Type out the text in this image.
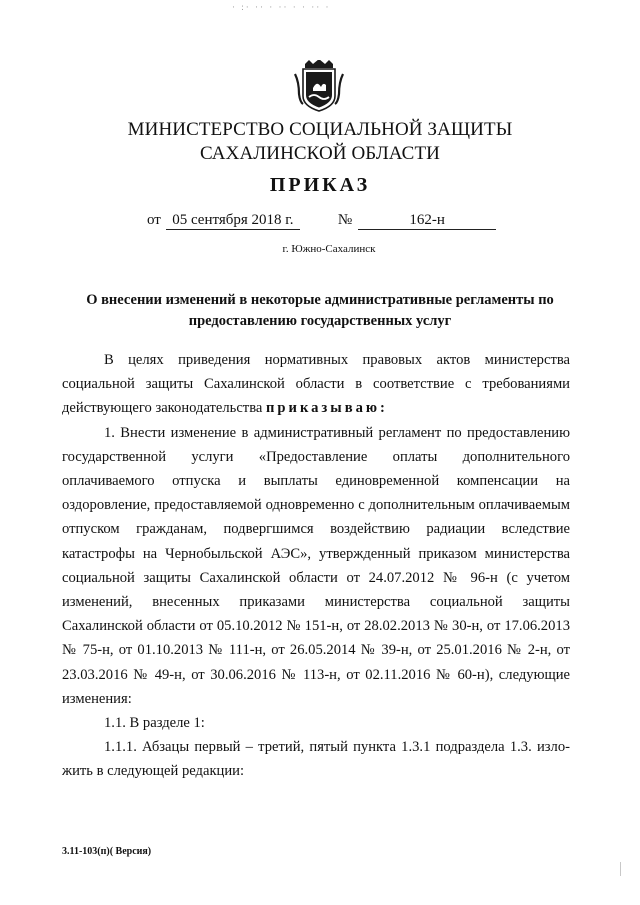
· :· ·· · ·· · · ·· ·
МИНИСТЕРСТВО СОЦИАЛЬНОЙ ЗАЩИТЫ
САХАЛИНСКОЙ ОБЛАСТИ
ПРИКАЗ
от 05 сентября 2018 г.	№	162-н
г. Южно-Сахалинск
О внесении изменений в некоторые административные регламенты по предоставлению государственных услуг

В целях приведения нормативных правовых актов министерства социальной защиты Сахалинской области в соответствие с требованиями действующего законодательства приказываю:

1. Внести изменение в административный регламент по предоставлению государственной услуги «Предоставление оплаты дополнительного оплачиваемого отпуска и выплаты единовременной компенсации на оздоровление, предоставляемой одновременно с дополнительным оплачиваемым отпуском гражданам, подвергшимся воздействию радиации вследствие катастрофы на Чернобыльской АЭС», утвержденный приказом министерства социальной защиты Сахалинской области от 24.07.2012 № 96-н (с учетом изменений, внесенных приказами министерства социальной защиты Сахалинской области от 05.10.2012 № 151-н, от 28.02.2013 № 30-н, от 17.06.2013 № 75-н, от 01.10.2013 № 111-н, от 26.05.2014 № 39-н, от 25.01.2016 № 2-н, от 23.03.2016 № 49-н, от 30.06.2016 № 113-н, от 02.11.2016 № 60-н), следующие изменения:

1.1. В разделе 1:

1.1.1. Абзацы первый – третий, пятый пункта 1.3.1 подраздела 1.3. изло-жить в следующей редакции:

3.11-103(п)( Версия)
